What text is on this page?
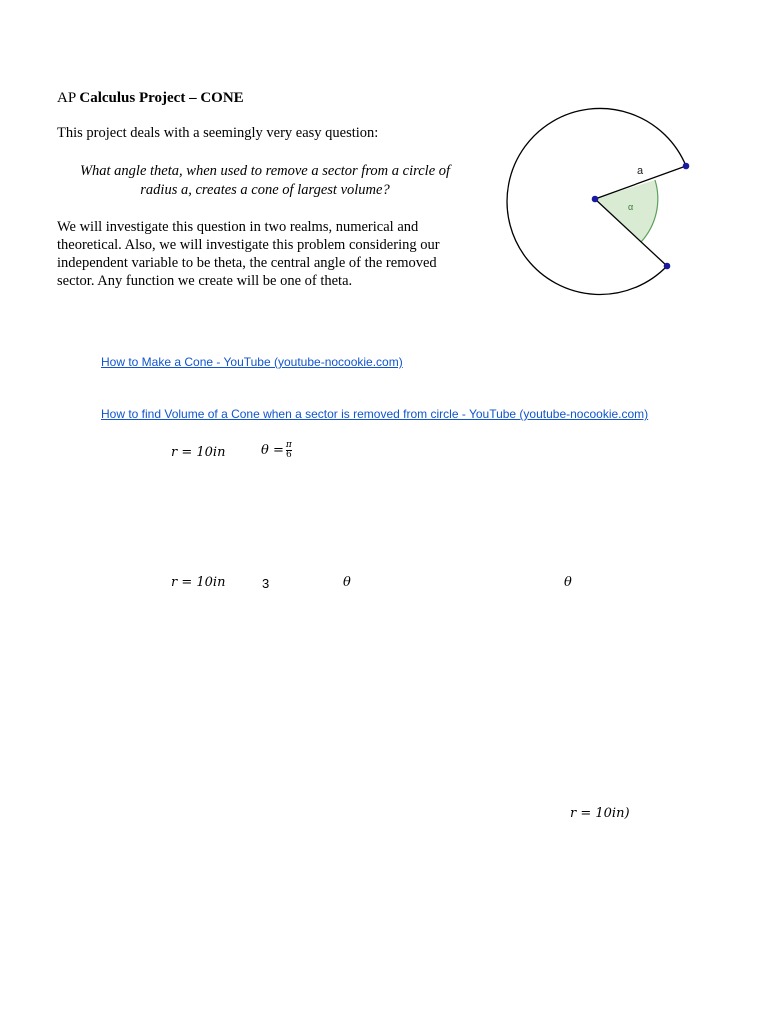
AP Calculus Project – CONE
This project deals with a seemingly very easy question:
What angle theta, when used to remove a sector from a circle of radius a, creates a cone of largest volume?
We will investigate this question in two realms, numerical and theoretical. Also, we will investigate this problem considering our independent variable to be theta, the central angle of the removed sector. Any function we create will be one of theta.
a
α
How to Make a Cone - YouTube (youtube-nocookie.com)
How to find Volume of a Cone when a sector is removed from circle - YouTube (youtube-nocookie.com)
r = 10in	$\theta = \frac{\pi}{6}$
r = 10in	3	θ	θ
r = 10in)
